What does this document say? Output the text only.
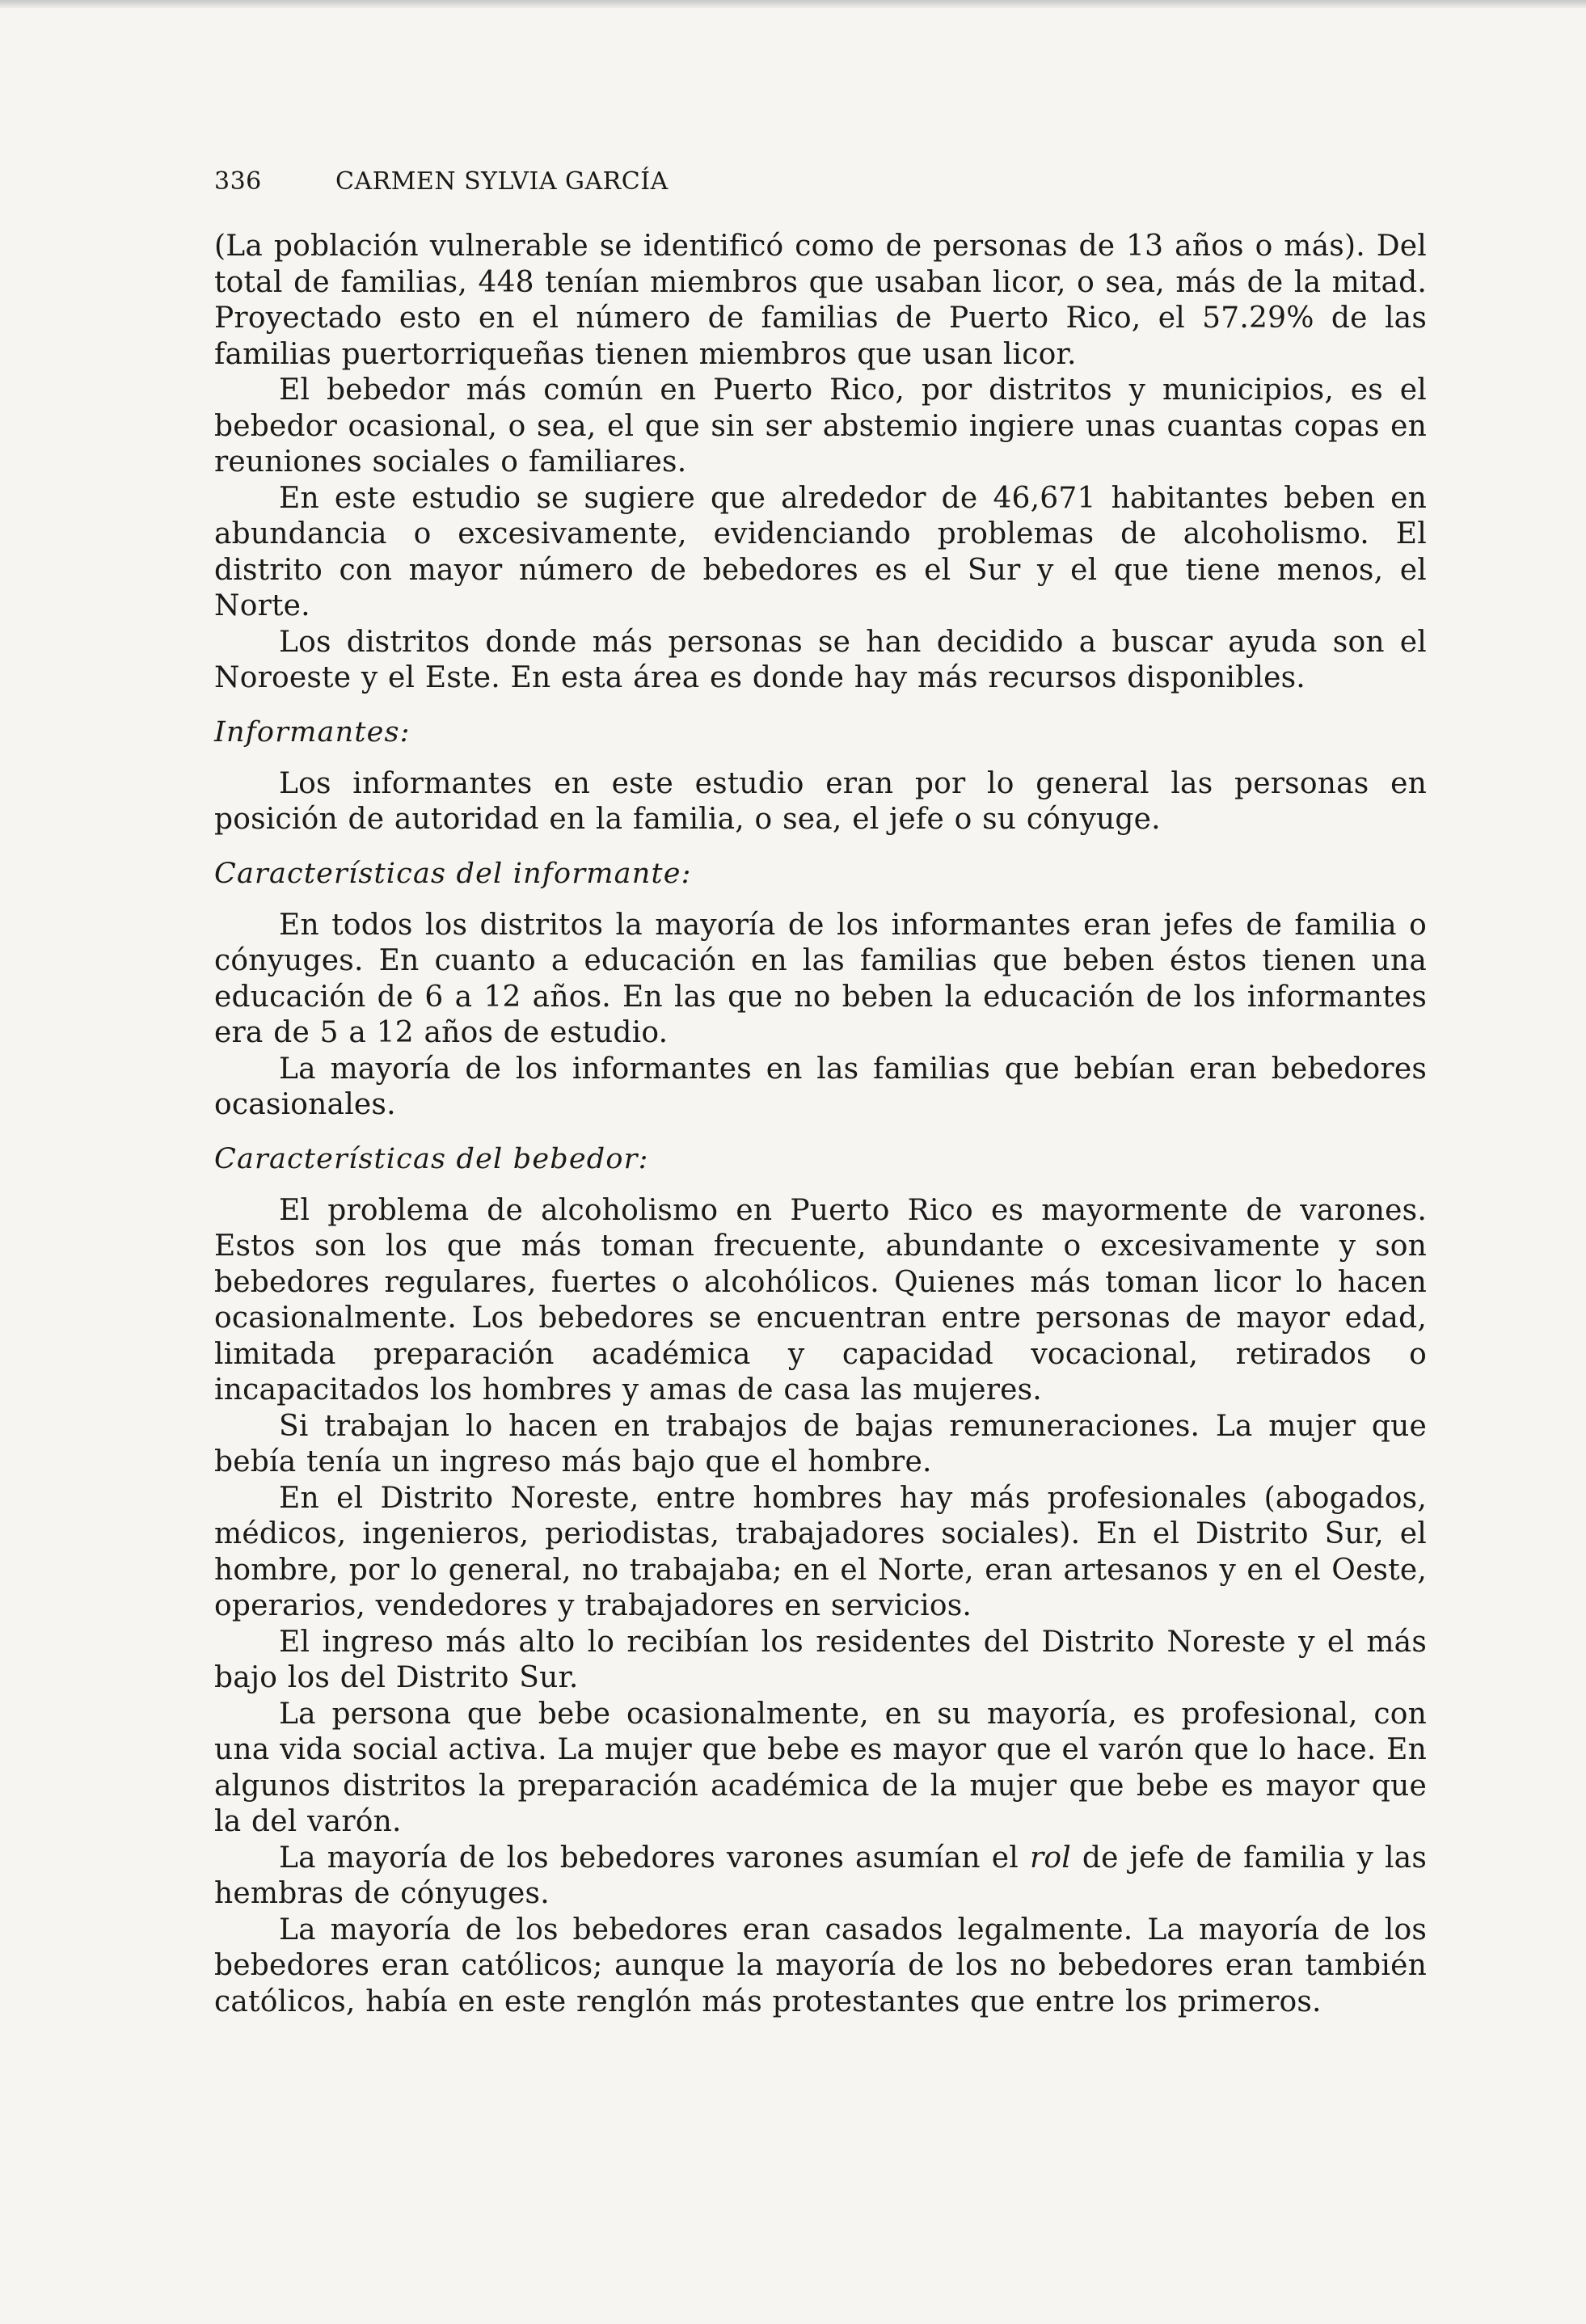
336	CARMEN SYLVIA GARCÍA

(La población vulnerable se identificó como de personas de 13 años o más). Del total de familias, 448 tenían miembros que usaban licor, o sea, más de la mitad. Proyectado esto en el número de familias de Puerto Rico, el 57.29% de las familias puertorriqueñas tienen miembros que usan licor.

El bebedor más común en Puerto Rico, por distritos y municipios, es el bebedor ocasional, o sea, el que sin ser abstemio ingiere unas cuantas copas en reuniones sociales o familiares.

En este estudio se sugiere que alrededor de 46,671 habitantes beben en abundancia o excesivamente, evidenciando problemas de alcoholismo. El distrito con mayor número de bebedores es el Sur y el que tiene menos, el Norte.

Los distritos donde más personas se han decidido a buscar ayuda son el Noroeste y el Este. En esta área es donde hay más recursos disponibles.

Informantes:

Los informantes en este estudio eran por lo general las personas en posición de autoridad en la familia, o sea, el jefe o su cónyuge.

Características del informante:

En todos los distritos la mayoría de los informantes eran jefes de familia o cónyuges. En cuanto a educación en las familias que beben éstos tienen una educación de 6 a 12 años. En las que no beben la educación de los informantes era de 5 a 12 años de estudio.

La mayoría de los informantes en las familias que bebían eran bebedores ocasionales.

Características del bebedor:

El problema de alcoholismo en Puerto Rico es mayormente de varones. Estos son los que más toman frecuente, abundante o excesivamente y son bebedores regulares, fuertes o alcohólicos. Quienes más toman licor lo hacen ocasionalmente. Los bebedores se encuentran entre personas de mayor edad, limitada preparación académica y capacidad vocacional, retirados o incapacitados los hombres y amas de casa las mujeres.

Si trabajan lo hacen en trabajos de bajas remuneraciones. La mujer que bebía tenía un ingreso más bajo que el hombre.

En el Distrito Noreste, entre hombres hay más profesionales (abogados, médicos, ingenieros, periodistas, trabajadores sociales). En el Distrito Sur, el hombre, por lo general, no trabajaba; en el Norte, eran artesanos y en el Oeste, operarios, vendedores y trabajadores en servicios.

El ingreso más alto lo recibían los residentes del Distrito Noreste y el más bajo los del Distrito Sur.

La persona que bebe ocasionalmente, en su mayoría, es profesional, con una vida social activa. La mujer que bebe es mayor que el varón que lo hace. En algunos distritos la preparación académica de la mujer que bebe es mayor que la del varón.

La mayoría de los bebedores varones asumían el rol de jefe de familia y las hembras de cónyuges.

La mayoría de los bebedores eran casados legalmente. La mayoría de los bebedores eran católicos; aunque la mayoría de los no bebedores eran también católicos, había en este renglón más protestantes que entre los primeros.
